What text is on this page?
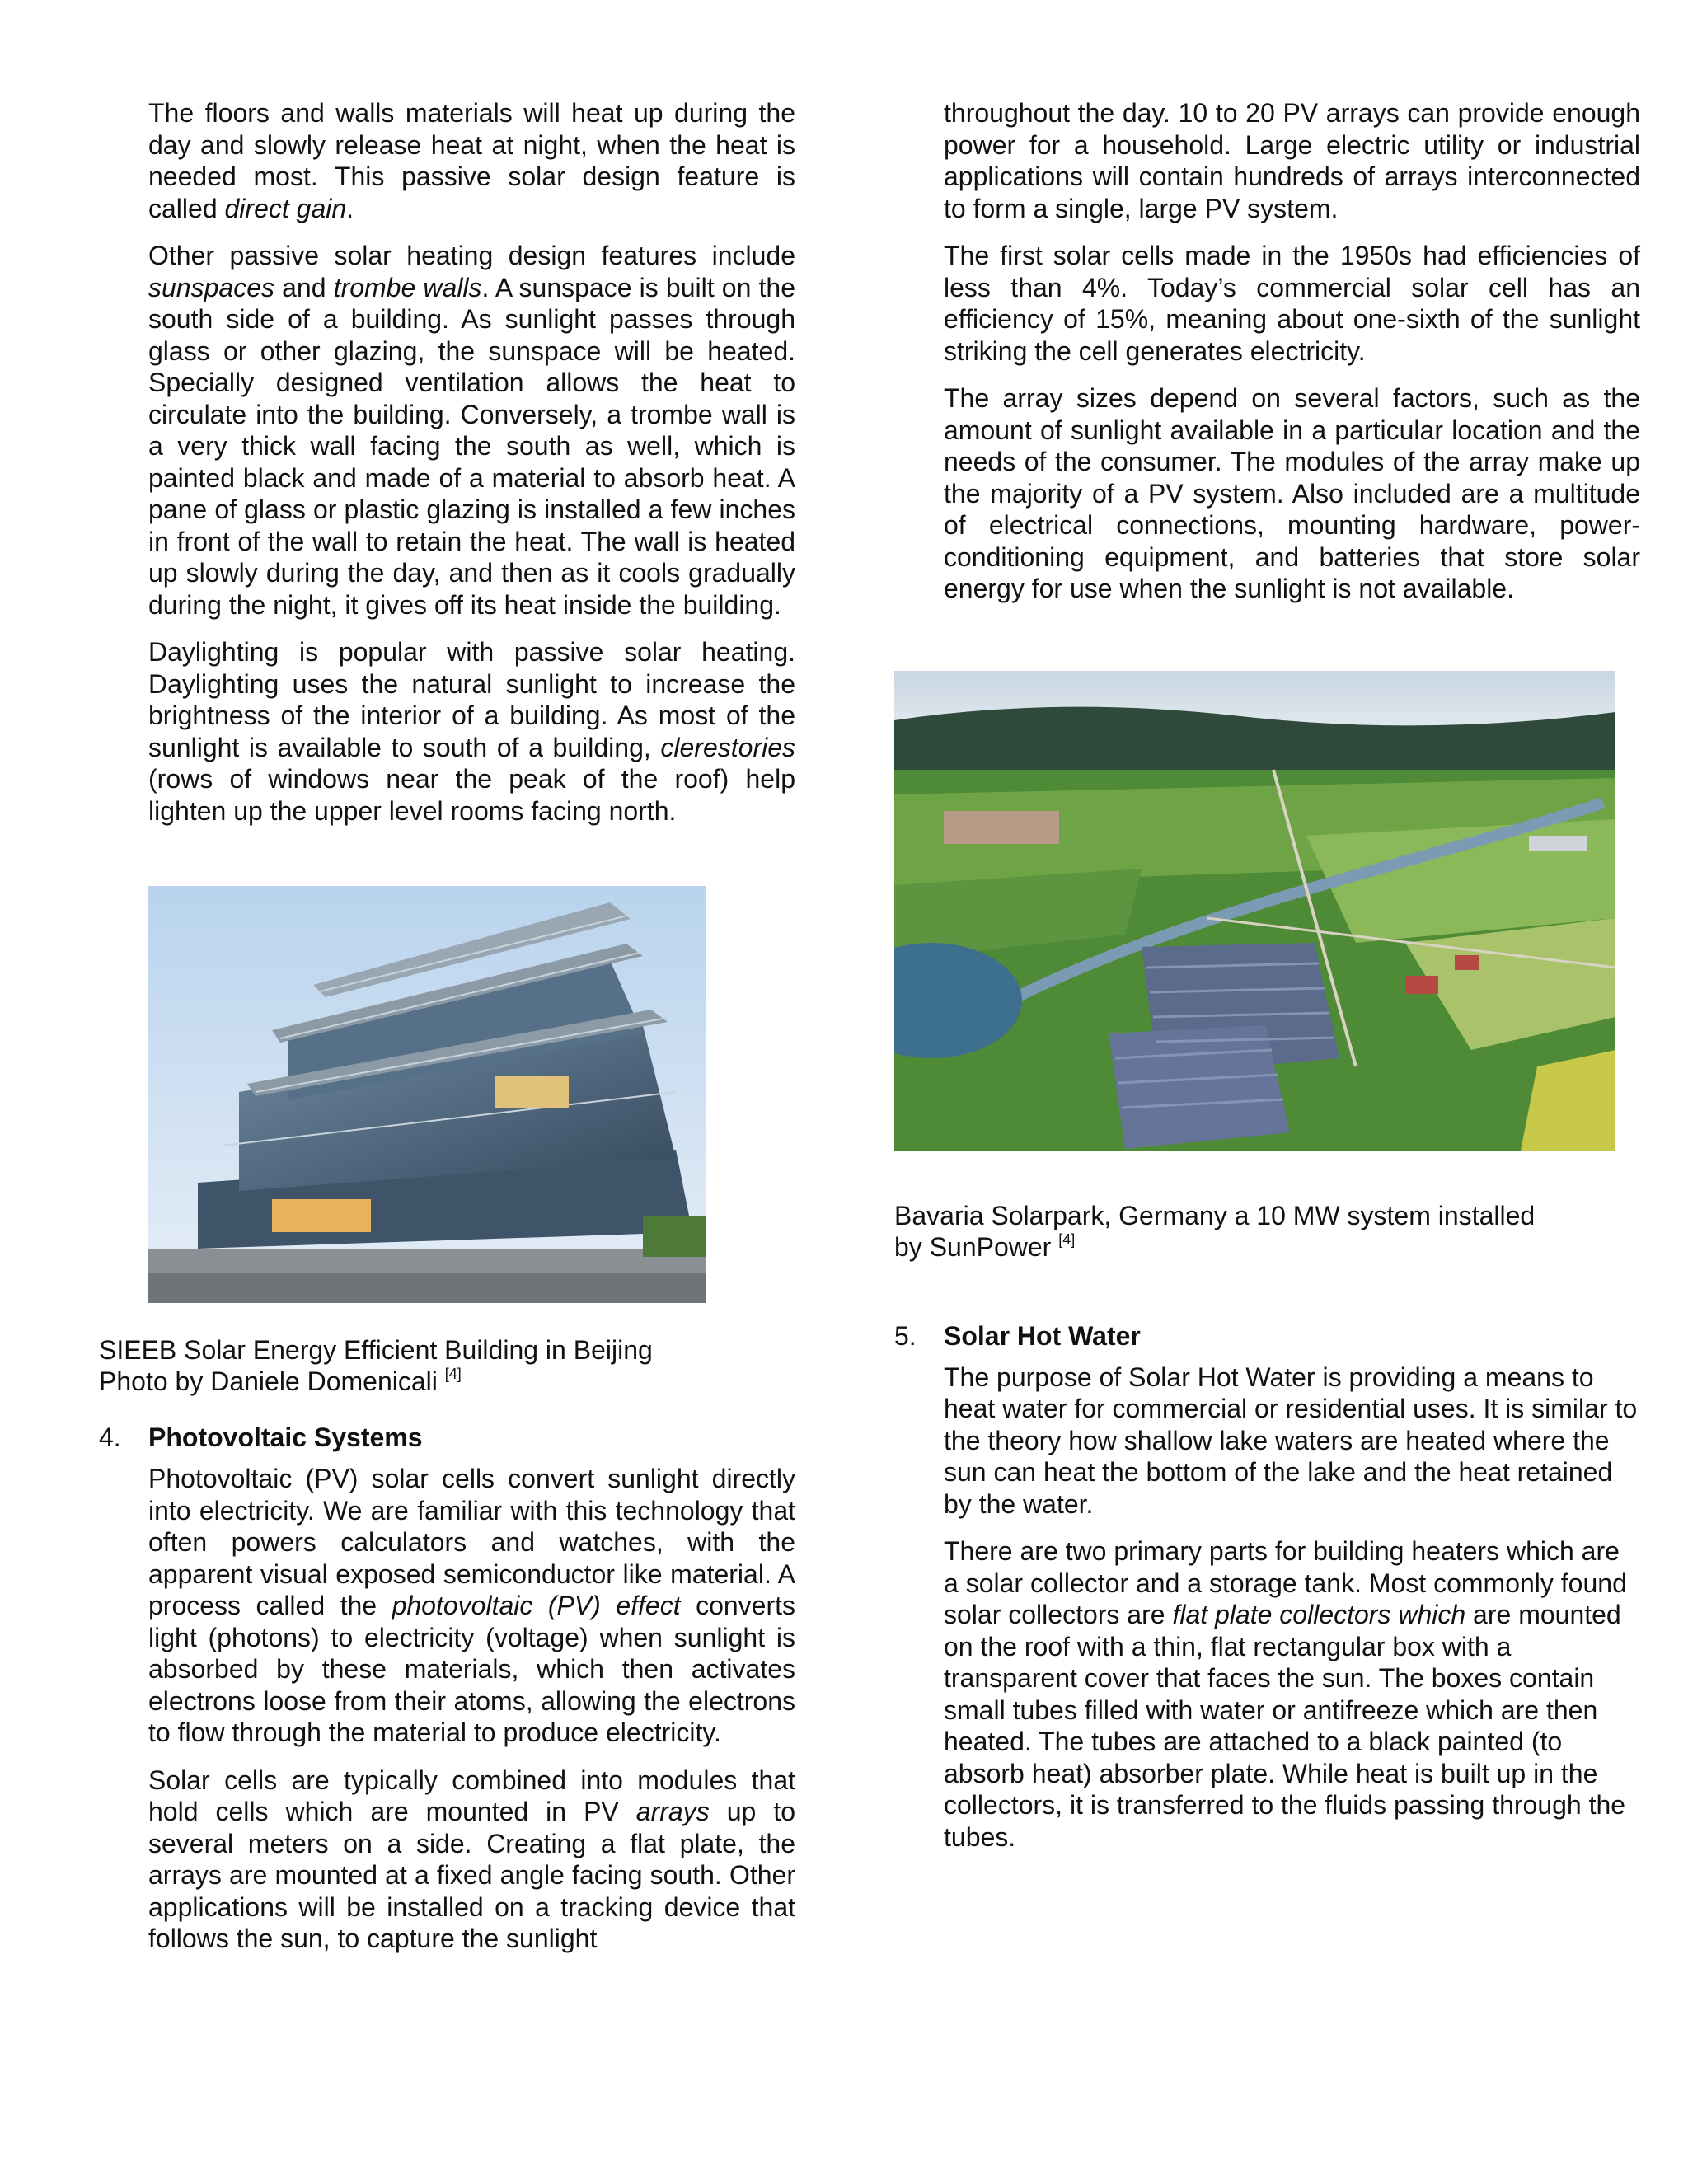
The floors and walls materials will heat up during the day and slowly release heat at night, when the heat is needed most. This passive solar design feature is called direct gain.

Other passive solar heating design features include sunspaces and trombe walls. A sunspace is built on the south side of a building. As sunlight passes through glass or other glazing, the sunspace will be heated. Specially designed ventilation allows the heat to circulate into the building. Conversely, a trombe wall is a very thick wall facing the south as well, which is painted black and made of a material to absorb heat. A pane of glass or plastic glazing is installed a few inches in front of the wall to retain the heat. The wall is heated up slowly during the day, and then as it cools gradually during the night, it gives off its heat inside the building.

Daylighting is popular with passive solar heating. Daylighting uses the natural sunlight to increase the brightness of the interior of a building. As most of the sunlight is available to south of a building, clerestories (rows of windows near the peak of the roof) help lighten up the upper level rooms facing north.

SIEEB Solar Energy Efficient Building in Beijing

Photo by Daniele Domenicali [4]

4.	Photovoltaic Systems

Photovoltaic (PV) solar cells convert sunlight directly into electricity. We are familiar with this technology that often powers calculators and watches, with the apparent visual exposed semiconductor like material. A process called the photovoltaic (PV) effect converts light (photons) to electricity (voltage) when sunlight is absorbed by these materials, which then activates electrons loose from their atoms, allowing the electrons to flow through the material to produce electricity.

Solar cells are typically combined into modules that hold cells which are mounted in PV arrays up to several meters on a side. Creating a flat plate, the arrays are mounted at a fixed angle facing south. Other applications will be installed on a tracking device that follows the sun, to capture the sunlight

throughout the day. 10 to 20 PV arrays can provide enough power for a household. Large electric utility or industrial applications will contain hundreds of arrays interconnected to form a single, large PV system.

The first solar cells made in the 1950s had efficiencies of less than 4%. Today’s commercial solar cell has an efficiency of 15%, meaning about one-sixth of the sunlight striking the cell generates electricity.

The array sizes depend on several factors, such as the amount of sunlight available in a particular location and the needs of the consumer. The modules of the array make up the majority of a PV system. Also included are a multitude of electrical connections, mounting hardware, power-conditioning equipment, and batteries that store solar energy for use when the sunlight is not available.

Bavaria Solarpark, Germany a 10 MW system installed

by SunPower [4]

5.	Solar Hot Water

The purpose of Solar Hot Water is providing a means to heat water for commercial or residential uses. It is similar to the theory how shallow lake waters are heated where the sun can heat the bottom of the lake and the heat retained by the water.

There are two primary parts for building heaters which are a solar collector and a storage tank. Most commonly found solar collectors are flat plate collectors which are mounted on the roof with a thin, flat rectangular box with a transparent cover that faces the sun. The boxes contain small tubes filled with water or antifreeze which are then heated. The tubes are attached to a black painted (to absorb heat) absorber plate. While heat is built up in the collectors, it is transferred to the fluids passing through the tubes.
